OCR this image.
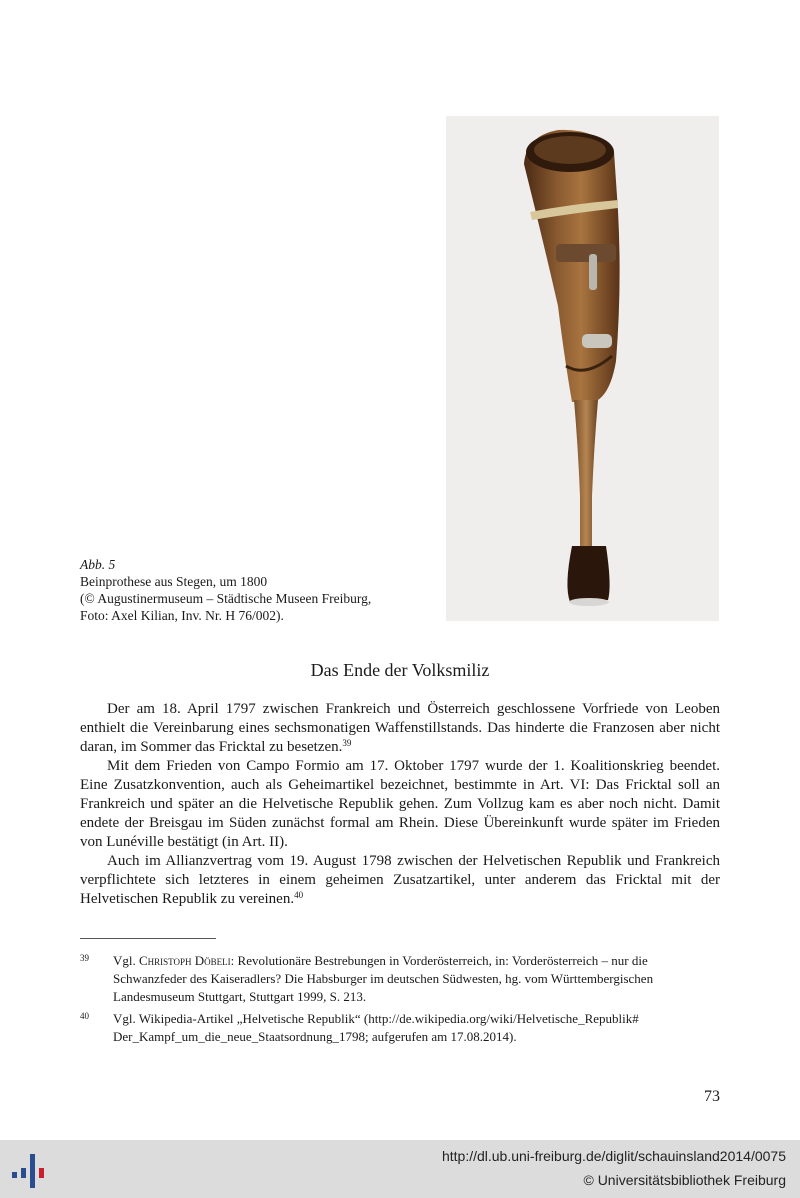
Abb. 5
Beinprothese aus Stegen, um 1800
(© Augustinermuseum – Städtische Museen Freiburg,
Foto: Axel Kilian, Inv. Nr. H 76/002).
Das Ende der Volksmiliz

Der am 18. April 1797 zwischen Frankreich und Österreich geschlossene Vorfriede von Leoben enthielt die Vereinbarung eines sechsmonatigen Waffenstillstands. Das hinderte die Franzosen aber nicht daran, im Sommer das Fricktal zu besetzen.$^{39}$

Mit dem Frieden von Campo Formio am 17. Oktober 1797 wurde der 1. Koalitionskrieg beendet. Eine Zusatzkonvention, auch als Geheimartikel bezeichnet, bestimmte in Art. VI: Das Fricktal soll an Frankreich und später an die Helvetische Republik gehen. Zum Vollzug kam es aber noch nicht. Damit endete der Breisgau im Süden zunächst formal am Rhein. Diese Übereinkunft wurde später im Frieden von Lunéville bestätigt (in Art. II).

Auch im Allianzvertrag vom 19. August 1798 zwischen der Helvetischen Republik und Frankreich verpflichtete sich letzteres in einem geheimen Zusatzartikel, unter anderem das Fricktal mit der Helvetischen Republik zu vereinen.$^{40}$

39 Vgl. Christoph Döbeli: Revolutionäre Bestrebungen in Vorderösterreich, in: Vorderösterreich – nur die Schwanzfeder des Kaiseradlers? Die Habsburger im deutschen Südwesten, hg. vom Württembergischen Landesmuseum Stuttgart, Stuttgart 1999, S. 213.
40 Vgl. Wikipedia-Artikel „Helvetische Republik“ (http://de.wikipedia.org/wiki/Helvetische_Republik# Der_Kampf_um_die_neue_Staatsordnung_1798; aufgerufen am 17.08.2014).
73
http://dl.ub.uni-freiburg.de/diglit/schauinsland2014/0075
© Universitätsbibliothek Freiburg
